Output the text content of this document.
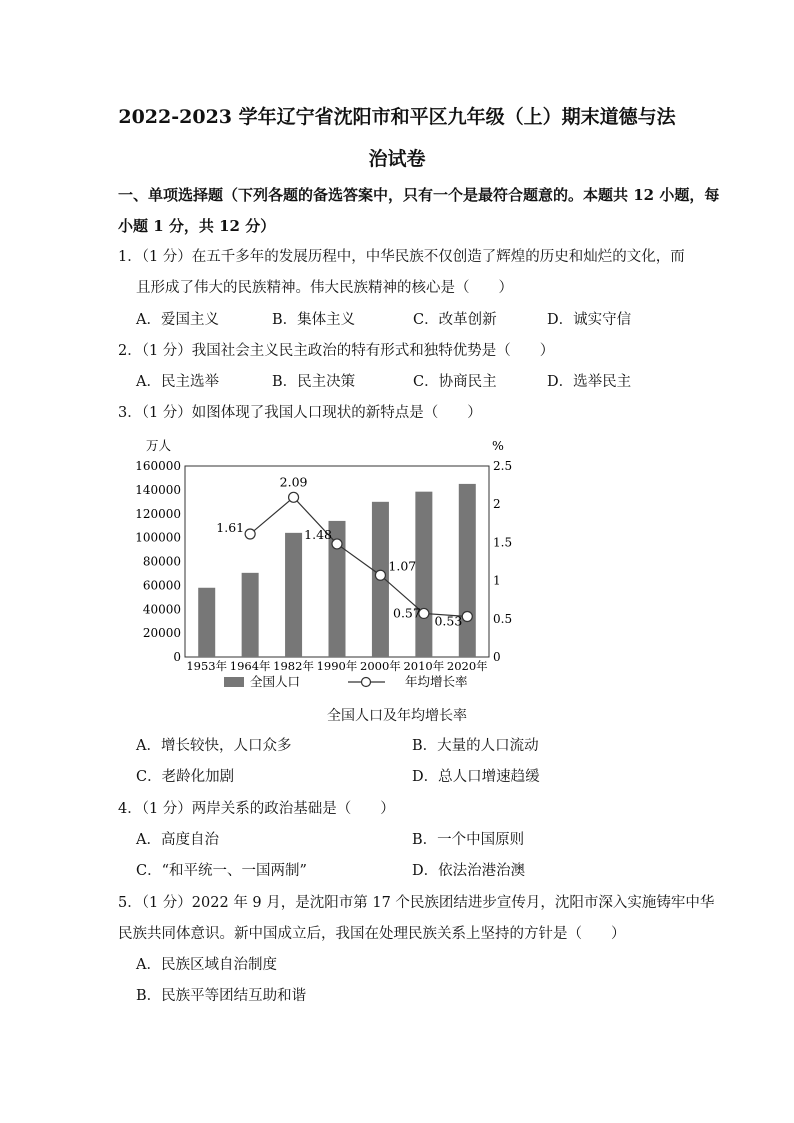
2022-2023 学年辽宁省沈阳市和平区九年级（上）期末道德与法
治试卷
一、单项选择题（下列各题的备选答案中，只有一个是最符合题意的。本题共 12 小题，每
小题 1 分，共 12 分）
1．（1 分）在五千多年的发展历程中，中华民族不仅创造了辉煌的历史和灿烂的文化，而
且形成了伟大的民族精神。伟大民族精神的核心是（　　）
A．爱国主义	B．集体主义	C．改革创新	D．诚实守信
2．（1 分）我国社会主义民主政治的特有形式和独特优势是（　　）
A．民主选举	B．民主决策	C．协商民主	D．选举民主
3．（1 分）如图体现了我国人口现状的新特点是（　　）
万人	%
160000
140000
120000
100000
80000
60000
40000
20000
0
2.5
2
1.5
1
0.5
0
1.61
2.09
1.48
1.07
0.57
0.53
1953年 1964年 1982年 1990年 2000年 2010年 2020年
全国人口	年均增长率
全国人口及年均增长率
A．增长较快，人口众多	B．大量的人口流动
C．老龄化加剧	D．总人口增速趋缓
4．（1 分）两岸关系的政治基础是（　　）
A．高度自治	B．一个中国原则
C．“和平统一、一国两制”	D．依法治港治澳
5．（1 分）2022 年 9 月，是沈阳市第 17 个民族团结进步宣传月，沈阳市深入实施铸牢中华
民族共同体意识。新中国成立后，我国在处理民族关系上坚持的方针是（　　）
A．民族区域自治制度
B．民族平等团结互助和谐
